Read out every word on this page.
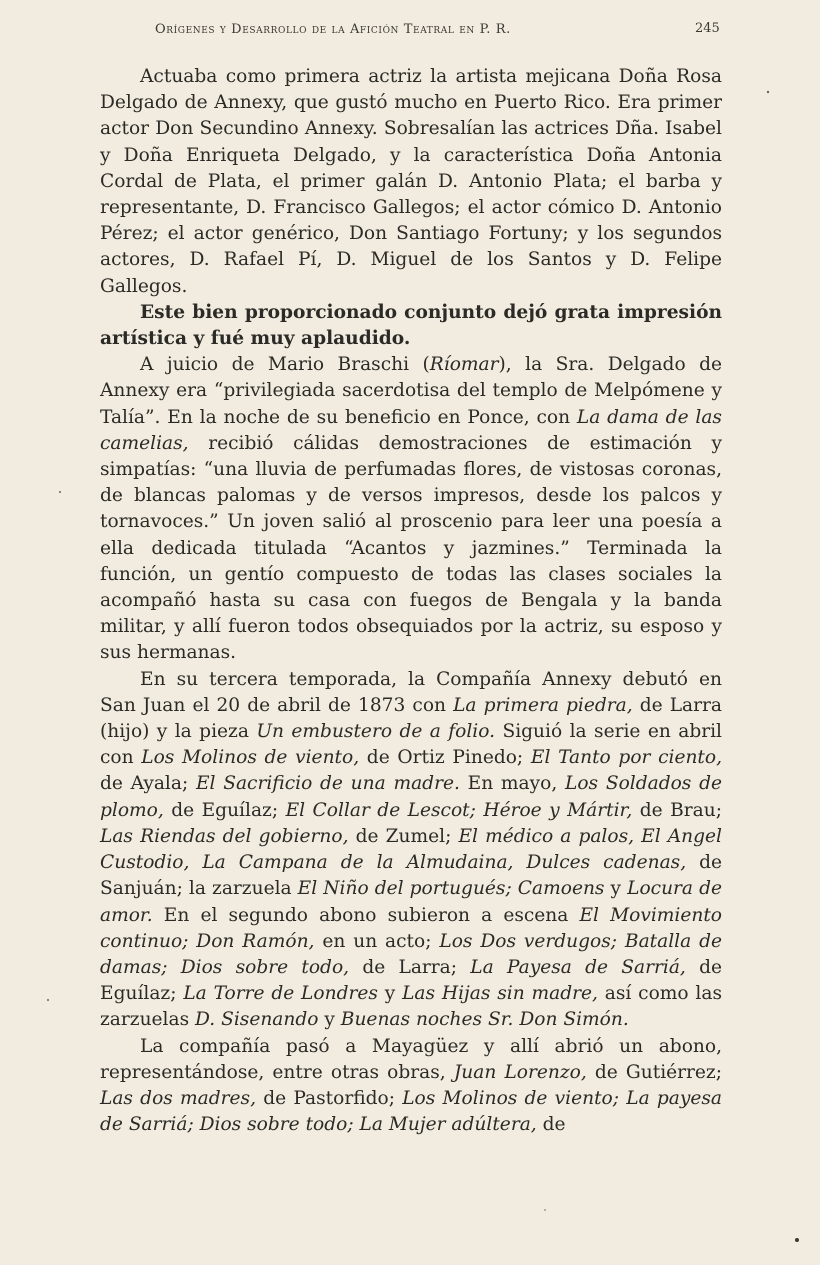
Orígenes y Desarrollo de la Afición Teatral en P. R.	245

Actuaba como primera actriz la artista mejicana Doña Rosa Delgado de Annexy, que gustó mucho en Puerto Rico. Era primer actor Don Secundino Annexy. Sobresalían las actrices Dña. Isabel y Doña Enriqueta Delgado, y la característica Doña Antonia Cordal de Plata, el primer galán D. Antonio Plata; el barba y representante, D. Francisco Gallegos; el actor cómico D. Antonio Pérez; el actor genérico, Don Santiago Fortuny; y los segundos actores, D. Rafael Pí, D. Miguel de los Santos y D. Felipe Gallegos.

Este bien proporcionado conjunto dejó grata impresión artística y fué muy aplaudido.

A juicio de Mario Braschi (Ríomar), la Sra. Delgado de Annexy era “privilegiada sacerdotisa del templo de Melpómene y Talía”. En la noche de su beneficio en Ponce, con La dama de las camelias, recibió cálidas demostraciones de estimación y simpatías: “una lluvia de perfumadas flores, de vistosas coronas, de blancas palomas y de versos impresos, desde los palcos y tornavoces.” Un joven salió al proscenio para leer una poesía a ella dedicada titulada “Acantos y jazmines.” Terminada la función, un gentío compuesto de todas las clases sociales la acompañó hasta su casa con fuegos de Bengala y la banda militar, y allí fueron todos obsequiados por la actriz, su esposo y sus hermanas.

En su tercera temporada, la Compañía Annexy debutó en San Juan el 20 de abril de 1873 con La primera piedra, de Larra (hijo) y la pieza Un embustero de a folio. Siguió la serie en abril con Los Molinos de viento, de Ortiz Pinedo; El Tanto por ciento, de Ayala; El Sacrificio de una madre. En mayo, Los Soldados de plomo, de Eguílaz; El Collar de Lescot; Héroe y Mártir, de Brau; Las Riendas del gobierno, de Zumel; El médico a palos, El Angel Custodio, La Campana de la Almudaina, Dulces cadenas, de Sanjuán; la zarzuela El Niño del portugués; Camoens y Locura de amor. En el segundo abono subieron a escena El Movimiento continuo; Don Ramón, en un acto; Los Dos verdugos; Batalla de damas; Dios sobre todo, de Larra; La Payesa de Sarriá, de Eguílaz; La Torre de Londres y Las Hijas sin madre, así como las zarzuelas D. Sisenando y Buenas noches Sr. Don Simón.

La compañía pasó a Mayagüez y allí abrió un abono, representándose, entre otras obras, Juan Lorenzo, de Gutiérrez; Las dos madres, de Pastorfido; Los Molinos de viento; La payesa de Sarriá; Dios sobre todo; La Mujer adúltera, de
